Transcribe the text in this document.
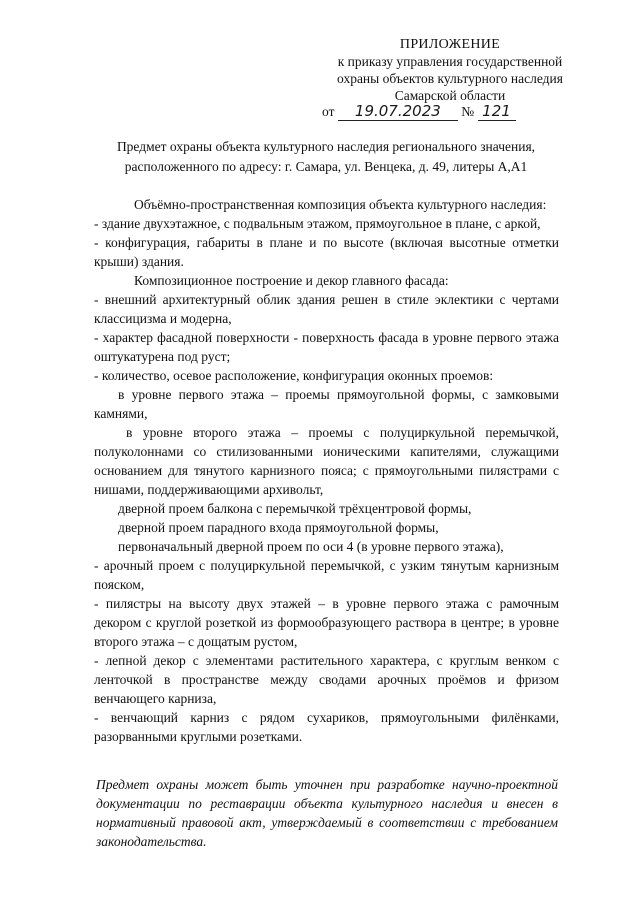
ПРИЛОЖЕНИЕ
к приказу управления государственной
охраны объектов культурного наследия
Самарской области
от 19.07.2023 № 121
Предмет охраны объекта культурного наследия регионального значения, расположенного по адресу: г. Самара, ул. Венцека, д. 49, литеры А,А1

Объёмно-пространственная композиция объекта культурного наследия:

- здание двухэтажное, с подвальным этажом, прямоугольное в плане, с аркой,

- конфигурация, габариты в плане и по высоте (включая высотные отметки крыши) здания.

Композиционное построение и декор главного фасада:

- внешний архитектурный облик здания решен в стиле эклектики с чертами классицизма и модерна,

- характер фасадной поверхности - поверхность фасада в уровне первого этажа оштукатурена под руст;

- количество, осевое расположение, конфигурация оконных проемов:

в уровне первого этажа – проемы прямоугольной формы, с замковыми камнями,

в уровне второго этажа – проемы с полуциркульной перемычкой, полуколоннами со стилизованными ионическими капителями, служащими основанием для тянутого карнизного пояса; с прямоугольными пилястрами с нишами, поддерживающими архивольт,

дверной проем балкона с перемычкой трёхцентровой формы,

дверной проем парадного входа прямоугольной формы,

первоначальный дверной проем по оси 4 (в уровне первого этажа),

- арочный проем с полуциркульной перемычкой, с узким тянутым карнизным пояском,

- пилястры на высоту двух этажей – в уровне первого этажа с рамочным декором с круглой розеткой из формообразующего раствора в центре; в уровне второго этажа – с дощатым рустом,

- лепной декор с элементами растительного характера, с круглым венком с ленточкой в пространстве между сводами арочных проёмов и фризом венчающего карниза,

- венчающий карниз с рядом сухариков, прямоугольными филёнками, разорванными круглыми розетками.

Предмет охраны может быть уточнен при разработке научно-проектной документации по реставрации объекта культурного наследия и внесен в нормативный правовой акт, утверждаемый в соответствии с требованием законодательства.
